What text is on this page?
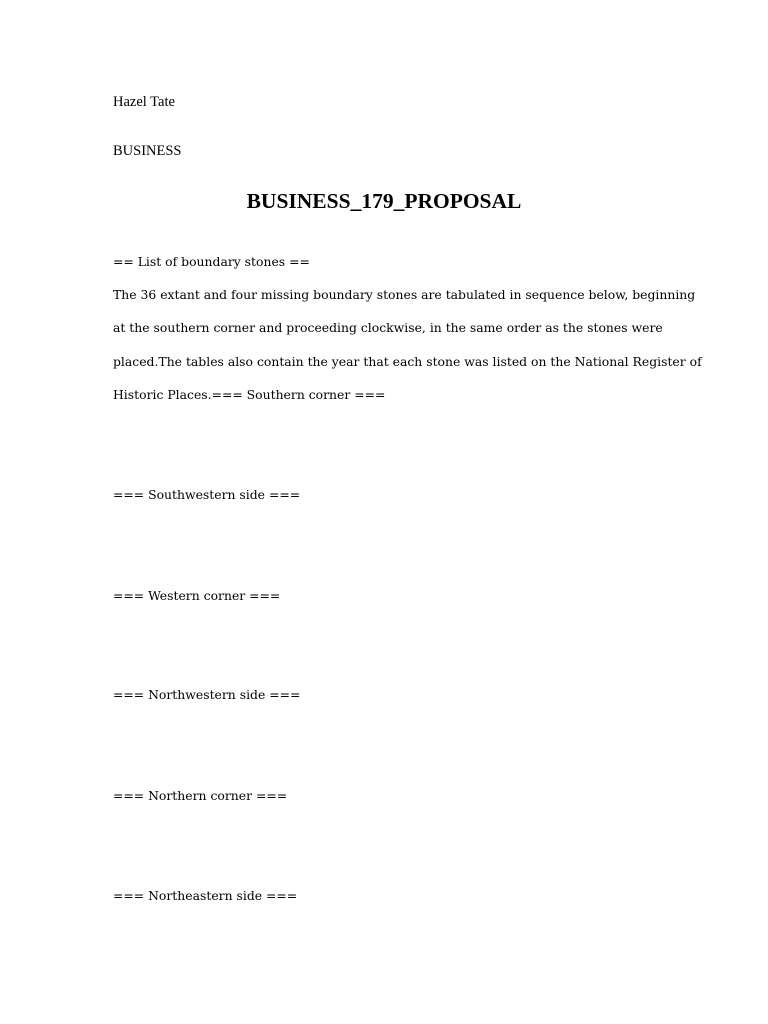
Hazel Tate
BUSINESS
BUSINESS_179_PROPOSAL
== List of boundary stones ==
The 36 extant and four missing boundary stones are tabulated in sequence below, beginning
at the southern corner and proceeding clockwise, in the same order as the stones were
placed.The tables also contain the year that each stone was listed on the National Register of
Historic Places.=== Southern corner ===
=== Southwestern side ===
=== Western corner ===
=== Northwestern side ===
=== Northern corner ===
=== Northeastern side ===
